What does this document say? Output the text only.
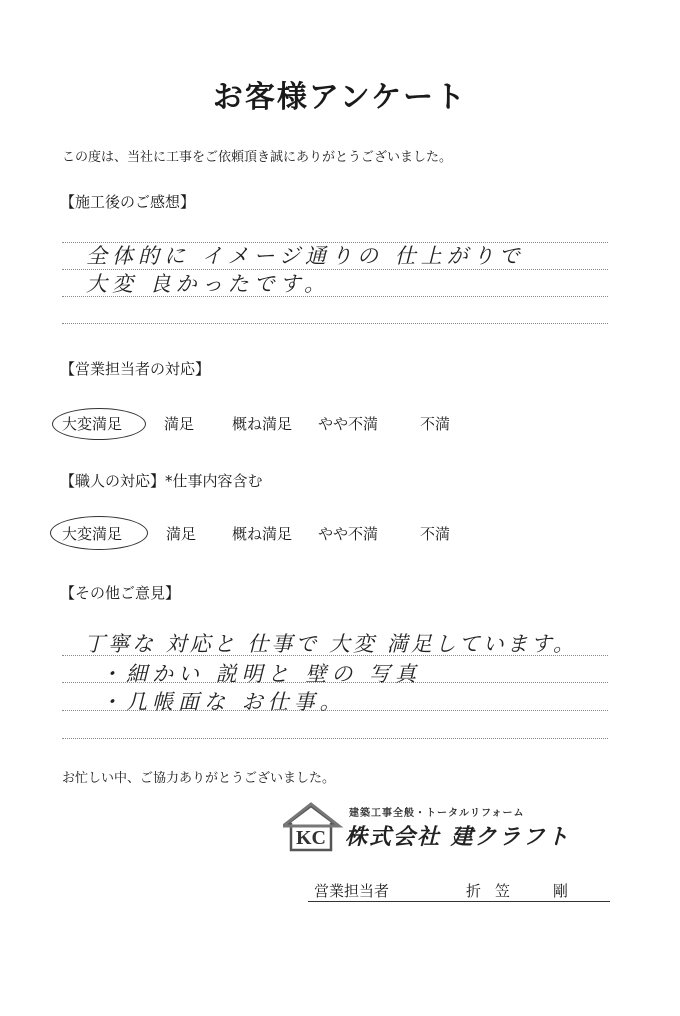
お客様アンケート
この度は、当社に工事をご依頼頂き誠にありがとうございました。
【施工後のご感想】
全体的に イメージ通りの 仕上がりで
大変 良かったです。
【営業担当者の対応】
大変満足	満足	概ね満足 やや不満	不満
【職人の対応】*仕事内容含む
大変満足	満足 概ね満足 やや不満	不満
【その他ご意見】
丁寧な 対応と 仕事で 大変 満足しています。
・細かい 説明と 壁の 写真
・几帳面な お仕事。
お忙しい中、ご協力ありがとうございました。
KC
建築工事全般・トータルリフォーム
株式会社 建クラフト
営業担当者	折笠　剛
